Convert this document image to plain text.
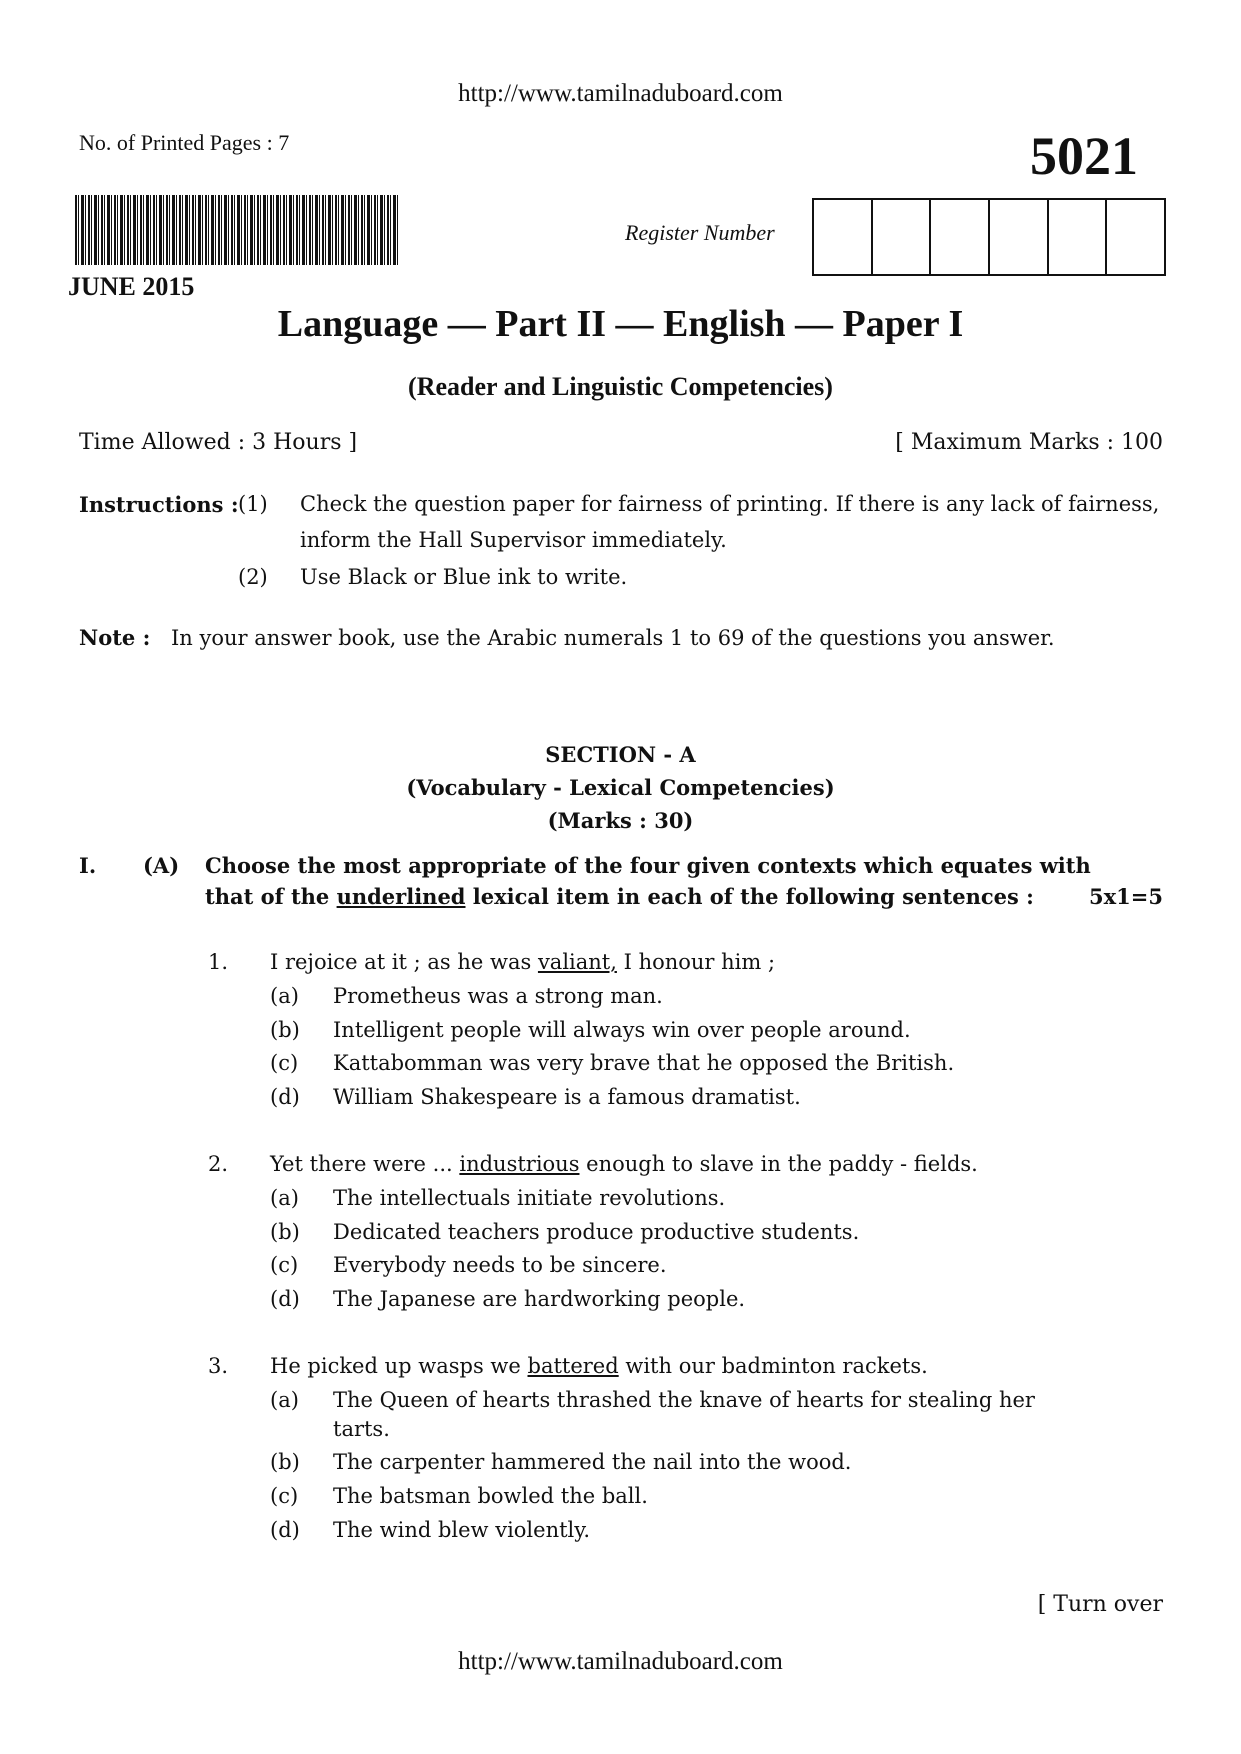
http://www.tamilnaduboard.com
No. of Printed Pages : 7	5021
Register Number
JUNE 2015
Language — Part II — English — Paper I
(Reader and Linguistic Competencies)
Time Allowed : 3 Hours ]	[ Maximum Marks : 100
Instructions : (1) Check the question paper for fairness of printing. If there is any lack of fairness,
inform the Hall Supervisor immediately.
(2) Use Black or Blue ink to write.
Note : In your answer book, use the Arabic numerals 1 to 69 of the questions you answer.
SECTION - A
(Vocabulary - Lexical Competencies)
(Marks : 30)
I. (A) Choose the most appropriate of the four given contexts which equates with
that of the underlined lexical item in each of the following sentences :	5x1=5
1. I rejoice at it ; as he was valiant, I honour him ;
(a) Prometheus was a strong man.
(b) Intelligent people will always win over people around.
(c) Kattabomman was very brave that he opposed the British.
(d) William Shakespeare is a famous dramatist.
2. Yet there were ... industrious enough to slave in the paddy - fields.
(a) The intellectuals initiate revolutions.
(b) Dedicated teachers produce productive students.
(c) Everybody needs to be sincere.
(d) The Japanese are hardworking people.
3. He picked up wasps we battered with our badminton rackets.
(a) The Queen of hearts thrashed the knave of hearts for stealing her
tarts.
(b) The carpenter hammered the nail into the wood.
(c) The batsman bowled the ball.
(d) The wind blew violently.
[ Turn over
http://www.tamilnaduboard.com
